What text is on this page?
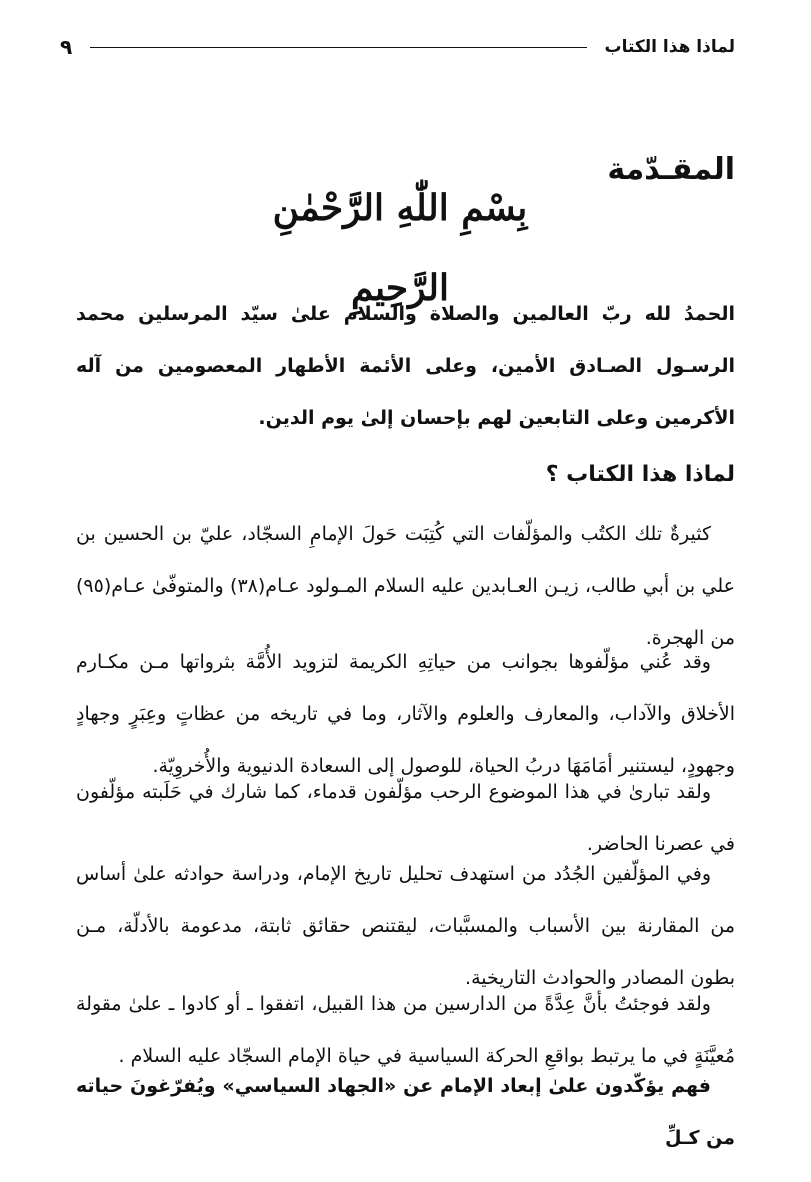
لماذا هذا الكتاب
٩
المقـدّمة
بِسْمِ اللّٰهِ الرَّحْمٰنِ الرَّحِيمِ

الحمدُ لله ربّ العالمين والصلاة والسلام علىٰ سيّد المرسلين محمد الرسـول الصـادق الأمين، وعلى الأئمة الأطهار المعصومين من آله الأكرمين وعلى التابعين لهم بإحسان إلىٰ يوم الدين.

لماذا هذا الكتاب ؟

كثيرةٌ تلك الكتُب والمؤلّفات التي كُتِبَت حَولَ الإمامِ السجّاد، عليّ بن الحسين بن علي بن أبي طالب، زيـن العـابدين عليه السلام المـولود عـام(٣٨) والمتوفّىٰ عـام(٩٥) من الهجرة.

وقد عُني مؤلّفوها بجوانب من حياتِهِ الكريمة لتزويد الأُمَّة بثرواتها مـن مكـارم الأخلاق والآداب، والمعارف والعلوم والآثار، وما في تاريخه من عظاتٍ وعِبَرٍ وجهادٍ وجهودٍ، ليستنير أمَامَهَا دربُ الحياة، للوصول إلى السعادة الدنيوية والأُخروِيّة.

ولقد تبارىٰ في هذا الموضوع الرحب مؤلّفون قدماء، كما شارك في حَلَبته مؤلّفون في عصرنا الحاضر.

وفي المؤلّفين الجُدُد من استهدف تحليل تاريخ الإمام، ودراسة حوادثه علىٰ أساس من المقارنة بين الأسباب والمسبَّبات، ليقتنص حقائق ثابتة، مدعومة بالأدلّة، مـن بطون المصادر والحوادث التاريخية.

ولقد فوجئتُ بأنَّ عِدَّةً من الدارسين من هذا القبيل، اتفقوا ـ أو كادوا ـ علىٰ مقولة مُعيَّنَةٍ في ما يرتبط بواقعِ الحركة السياسية في حياة الإمام السجّاد عليه السلام .

فهم يؤكّدون علىٰ إبعاد الإمام عن «الجهاد السياسي» ويُفرّغونَ حياته من كـلِّ
